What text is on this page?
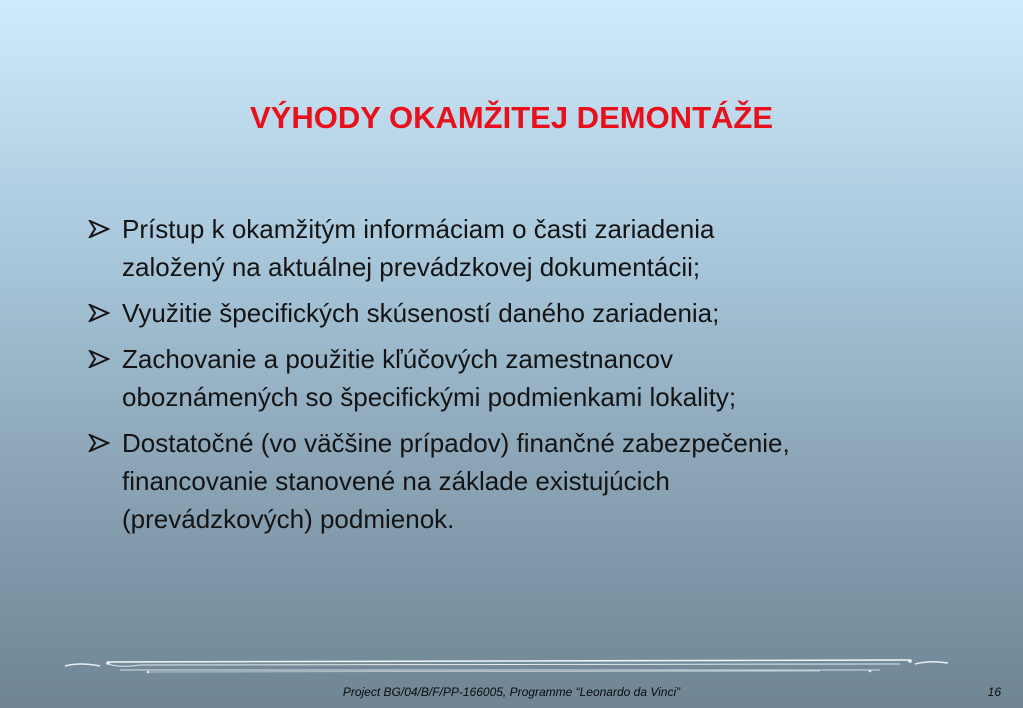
VÝHODY OKAMŽITEJ DEMONTÁŽE
Prístup k okamžitým informáciam o časti zariadenia
založený na aktuálnej prevádzkovej dokumentácii;
Využitie špecifických skúseností daného zariadenia;
Zachovanie a použitie kľúčových zamestnancov
oboznámených so špecifickými podmienkami lokality;
Dostatočné (vo väčšine prípadov) finančné zabezpečenie,
financovanie stanovené na základe existujúcich
(prevádzkových) podmienok.
Project BG/04/B/F/PP-166005, Programme “Leonardo da Vinci”	16
